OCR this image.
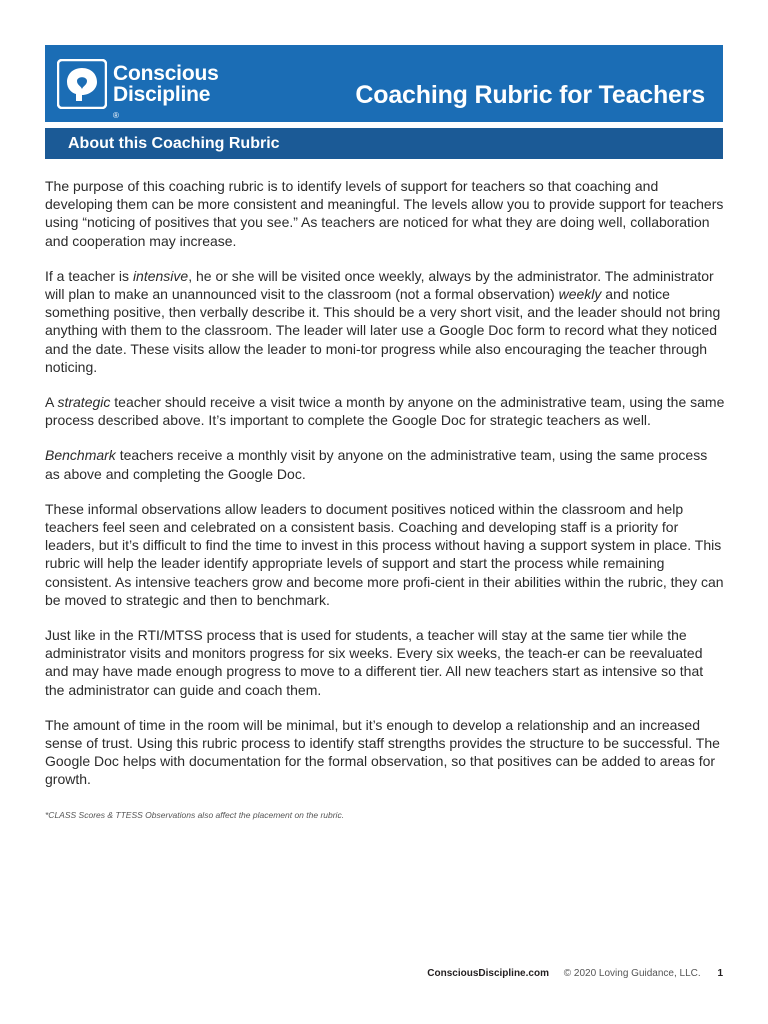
Conscious
Discipline
®
Coaching Rubric for Teachers
About this Coaching Rubric

The purpose of this coaching rubric is to identify levels of support for teachers so that coaching and developing them can be more consistent and meaningful. The levels allow you to provide support for teachers using “noticing of positives that you see.” As teachers are noticed for what they are doing well, collaboration and cooperation may increase.

If a teacher is intensive, he or she will be visited once weekly, always by the administrator. The administrator will plan to make an unannounced visit to the classroom (not a formal observation) weekly and notice something positive, then verbally describe it. This should be a very short visit, and the leader should not bring anything with them to the classroom. The leader will later use a Google Doc form to record what they noticed and the date. These visits allow the leader to moni-tor progress while also encouraging the teacher through noticing.

A strategic teacher should receive a visit twice a month by anyone on the administrative team, using the same process described above. It’s important to complete the Google Doc for strategic teachers as well.

Benchmark teachers receive a monthly visit by anyone on the administrative team, using the same process as above and completing the Google Doc.

These informal observations allow leaders to document positives noticed within the classroom and help teachers feel seen and celebrated on a consistent basis. Coaching and developing staff is a priority for leaders, but it’s difficult to find the time to invest in this process without having a support system in place. This rubric will help the leader identify appropriate levels of support and start the process while remaining consistent. As intensive teachers grow and become more profi-cient in their abilities within the rubric, they can be moved to strategic and then to benchmark.

Just like in the RTI/MTSS process that is used for students, a teacher will stay at the same tier while the administrator visits and monitors progress for six weeks. Every six weeks, the teach-er can be reevaluated and may have made enough progress to move to a different tier. All new teachers start as intensive so that the administrator can guide and coach them.

The amount of time in the room will be minimal, but it’s enough to develop a relationship and an increased sense of trust. Using this rubric process to identify staff strengths provides the structure to be successful. The Google Doc helps with documentation for the formal observation, so that positives can be added to areas for growth.

*CLASS Scores & TTESS Observations also affect the placement on the rubric.

ConsciousDiscipline.com © 2020 Loving Guidance, LLC. 1
